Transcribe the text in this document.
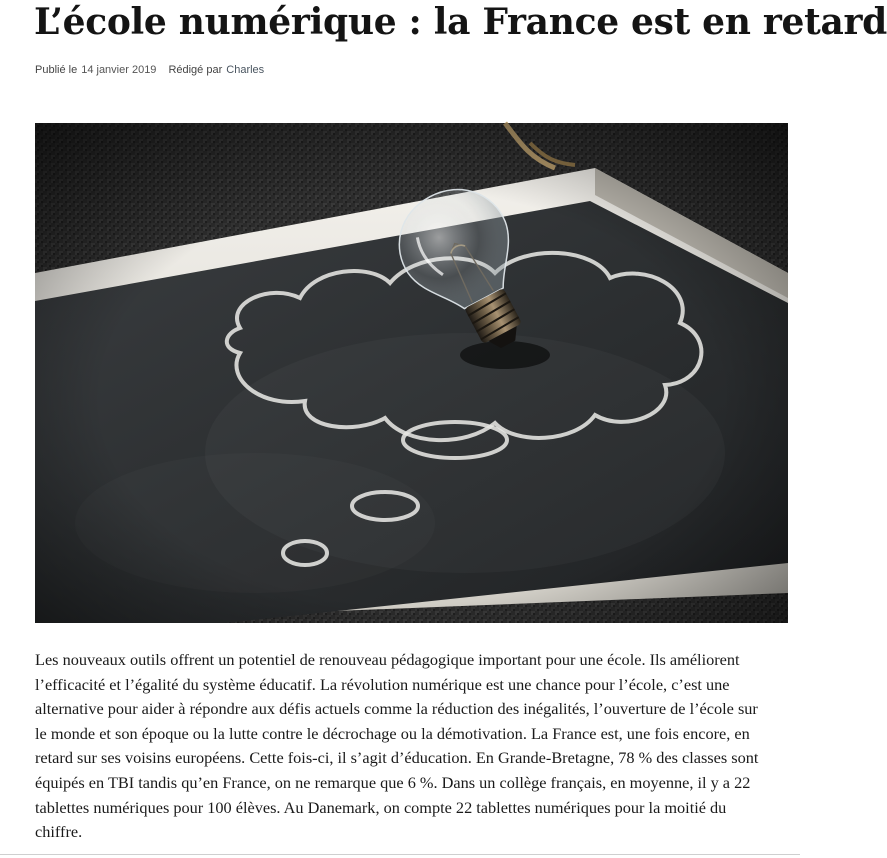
L’école numérique : la France est en retard
Publié le 14 janvier 2019 Rédigé par Charles

Les nouveaux outils offrent un potentiel de renouveau pédagogique important pour une école. Ils améliorent l’efficacité et l’égalité du système éducatif. La révolution numérique est une chance pour l’école, c’est une alternative pour aider à répondre aux défis actuels comme la réduction des inégalités, l’ouverture de l’école sur le monde et son époque ou la lutte contre le décrochage ou la démotivation. La France est, une fois encore, en retard sur ses voisins européens. Cette fois-ci, il s’agit d’éducation. En Grande-Bretagne, 78 % des classes sont équipés en TBI tandis qu’en France, on ne remarque que 6 %. Dans un collège français, en moyenne, il y a 22 tablettes numériques pour 100 élèves. Au Danemark, on compte 22 tablettes numériques pour la moitié du chiffre.
